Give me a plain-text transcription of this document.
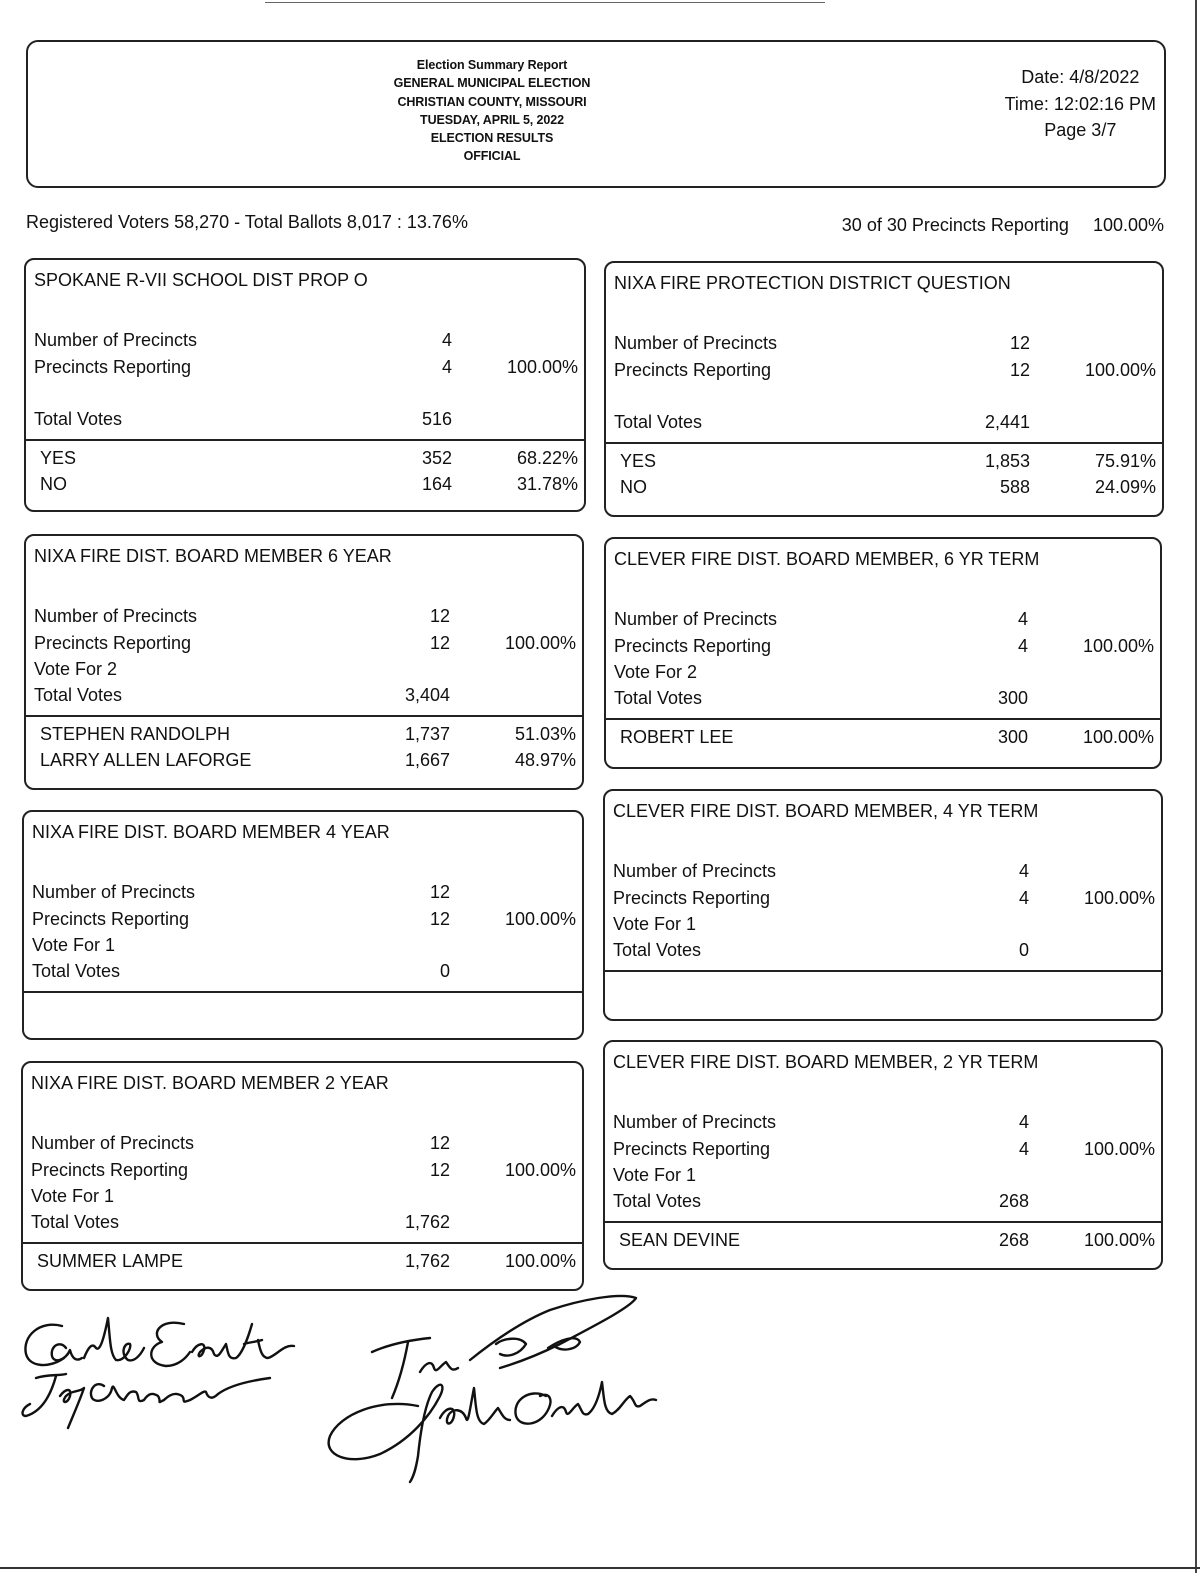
Election Summary Report
GENERAL MUNICIPAL ELECTION
CHRISTIAN COUNTY, MISSOURI
TUESDAY, APRIL 5, 2022
ELECTION RESULTS
OFFICIAL
Date: 4/8/2022
Time: 12:02:16 PM
Page 3/7
Registered Voters 58,270 - Total Ballots 8,017 : 13.76%	30 of 30 Precincts Reporting 100.00%
SPOKANE R-VII SCHOOL DIST PROP O
Number of Precincts	4
Precincts Reporting	4	100.00%
Total Votes	516
YES	352	68.22%
NO	164	31.78%
NIXA FIRE PROTECTION DISTRICT QUESTION
Number of Precincts	12
Precincts Reporting	12	100.00%
Total Votes	2,441
YES	1,853	75.91%
NO	588	24.09%
NIXA FIRE DIST. BOARD MEMBER 6 YEAR
Number of Precincts	12
Precincts Reporting	12	100.00%
Vote For 2
Total Votes	3,404
STEPHEN RANDOLPH	1,737	51.03%
LARRY ALLEN LAFORGE	1,667	48.97%
CLEVER FIRE DIST. BOARD MEMBER, 6 YR TERM
Number of Precincts	4
Precincts Reporting	4	100.00%
Vote For 2
Total Votes	300
ROBERT LEE	300	100.00%
NIXA FIRE DIST. BOARD MEMBER 4 YEAR
Number of Precincts	12
Precincts Reporting	12	100.00%
Vote For 1
Total Votes	0
CLEVER FIRE DIST. BOARD MEMBER, 4 YR TERM
Number of Precincts	4
Precincts Reporting	4	100.00%
Vote For 1
Total Votes	0
NIXA FIRE DIST. BOARD MEMBER 2 YEAR
Number of Precincts	12
Precincts Reporting	12	100.00%
Vote For 1
Total Votes	1,762
SUMMER LAMPE	1,762	100.00%
CLEVER FIRE DIST. BOARD MEMBER, 2 YR TERM
Number of Precincts	4
Precincts Reporting	4	100.00%
Vote For 1
Total Votes	268
SEAN DEVINE	268	100.00%
